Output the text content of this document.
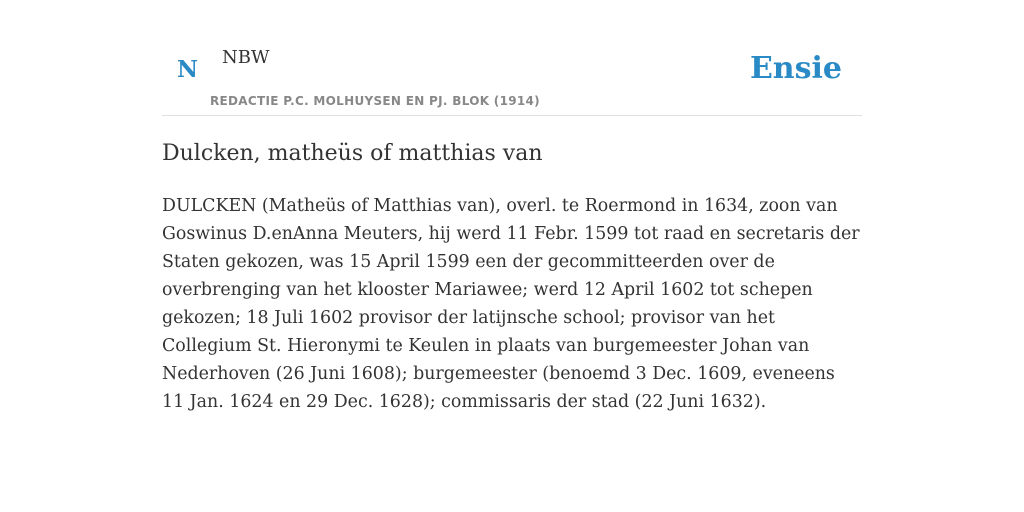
N NBW	Ensie
REDACTIE P.C. MOLHUYSEN EN PJ. BLOK (1914)
Dulcken, matheüs of matthias van

DULCKEN (Matheüs of Matthias van), overl. te Roermond in 1634, zoon van Goswinus D.enAnna Meuters, hij werd 11 Febr. 1599 tot raad en secretaris der Staten gekozen, was 15 April 1599 een der gecommitteerden over de overbrenging van het klooster Mariawee; werd 12 April 1602 tot schepen gekozen; 18 Juli 1602 provisor der latijnsche school; provisor van het Collegium St. Hieronymi te Keulen in plaats van burgemeester Johan van Nederhoven (26 Juni 1608); burgemeester (benoemd 3 Dec. 1609, eveneens 11 Jan. 1624 en 29 Dec. 1628); commissaris der stad (22 Juni 1632).
